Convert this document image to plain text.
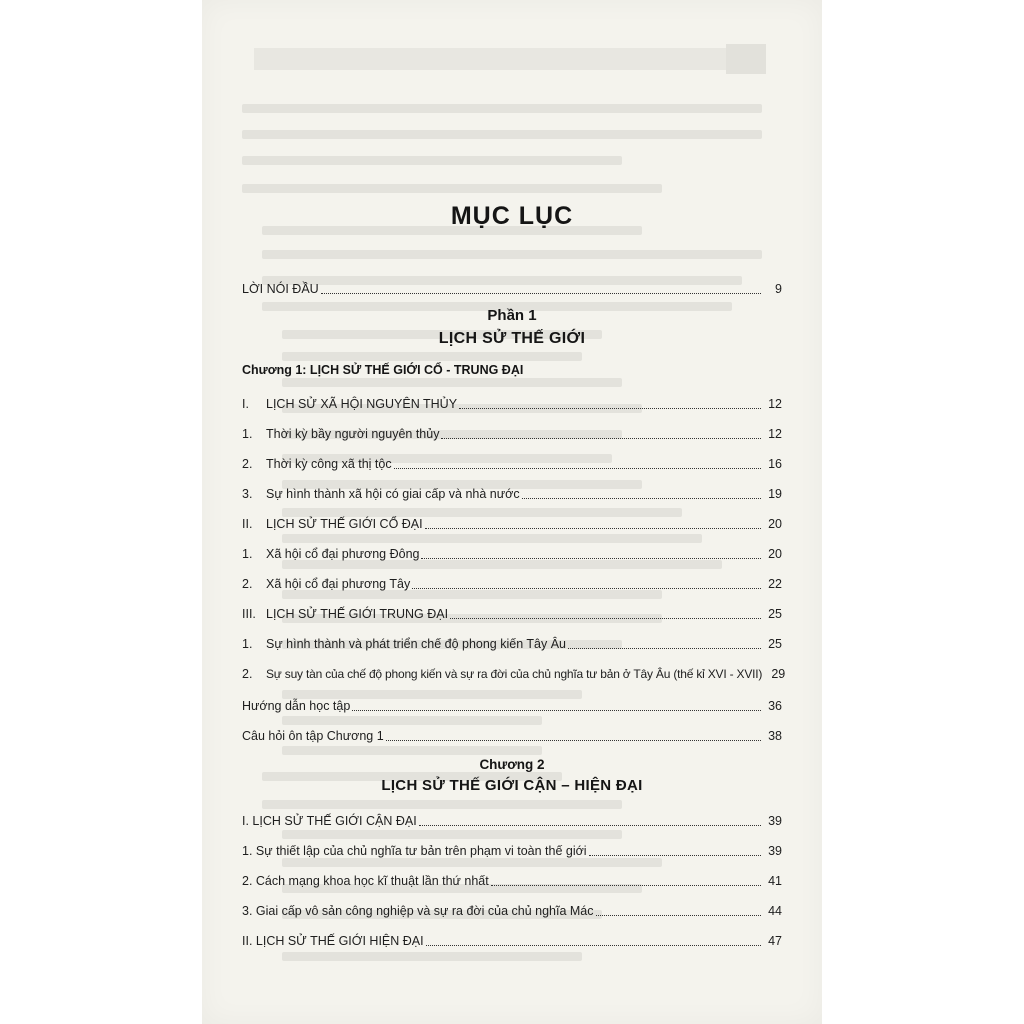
MỤC LỤC
LỜI NÓI ĐẦU	9
Phần 1
LỊCH SỬ THẾ GIỚI
Chương 1: LỊCH SỬ THẾ GIỚI CỔ - TRUNG ĐẠI
I.	LỊCH SỬ XÃ HỘI NGUYÊN THỦY	12
1.	Thời kỳ bầy người nguyên thủy	12
2.	Thời kỳ công xã thị tộc	16
3.	Sự hình thành xã hội có giai cấp và nhà nước	19
II.	LỊCH SỬ THẾ GIỚI CỔ ĐẠI	20
1.	Xã hội cổ đại phương Đông	20
2.	Xã hội cổ đại phương Tây	22
III. LỊCH SỬ THẾ GIỚI TRUNG ĐẠI	25
1.	Sự hình thành và phát triển chế độ phong kiến Tây Âu	25
2.	Sự suy tàn của chế độ phong kiến và sự ra đời của chủ nghĩa tư bản ở Tây Âu (thế kỉ XVI - XVII) 29
Hướng dẫn học tập	36
Câu hỏi ôn tập Chương 1	38
Chương 2
LỊCH SỬ THẾ GIỚI CẬN – HIỆN ĐẠI
I. LỊCH SỬ THẾ GIỚI CẬN ĐẠI	39
1. Sự thiết lập của chủ nghĩa tư bản trên phạm vi toàn thế giới	39
2. Cách mạng khoa học kĩ thuật lần thứ nhất	41
3. Giai cấp vô sản công nghiệp và sự ra đời của chủ nghĩa Mác	44
II. LỊCH SỬ THẾ GIỚI HIỆN ĐẠI	47
